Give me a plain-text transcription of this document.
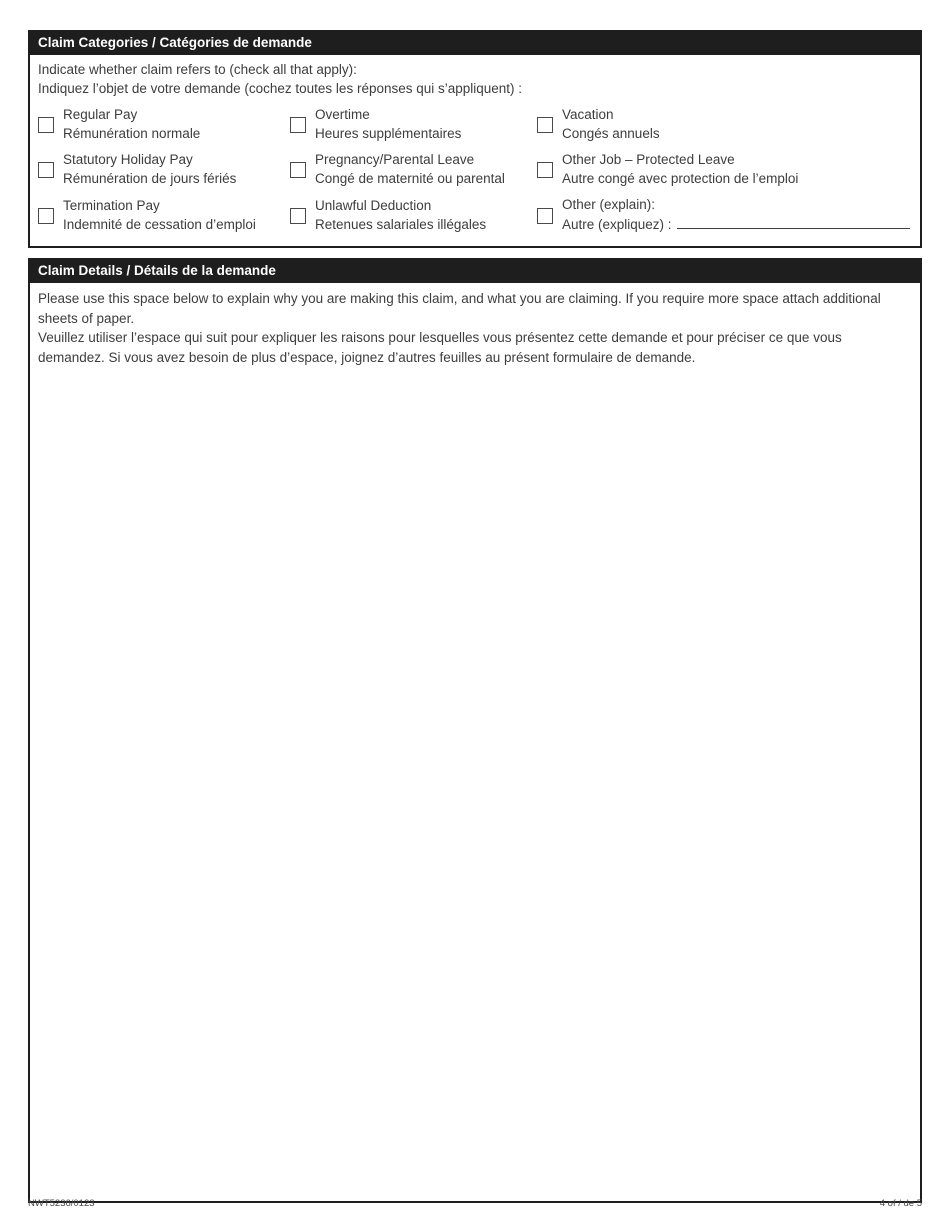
Claim Categories / Catégories de demande
Indicate whether claim refers to (check all that apply):
Indiquez l’objet de votre demande (cochez toutes les réponses qui s’appliquent) :
Regular Pay
Rémunération normale
Overtime
Heures supplémentaires
Vacation
Congés annuels
Statutory Holiday Pay
Rémunération de jours fériés
Pregnancy/Parental Leave
Congé de maternité ou parental
Other Job – Protected Leave
Autre congé avec protection de l’emploi
Termination Pay
Indemnité de cessation d’emploi
Unlawful Deduction
Retenues salariales illégales
Other (explain):
Autre (expliquez) :
Claim Details / Détails de la demande
Please use this space below to explain why you are making this claim, and what you are claiming. If you require more space attach additional sheets of paper.
Veuillez utiliser l’espace qui suit pour expliquer les raisons pour lesquelles vous présentez cette demande et pour préciser ce que vous demandez. Si vous avez besoin de plus d’espace, joignez d’autres feuilles au présent formulaire de demande.
NWT5236/0123	4 of / de 5
